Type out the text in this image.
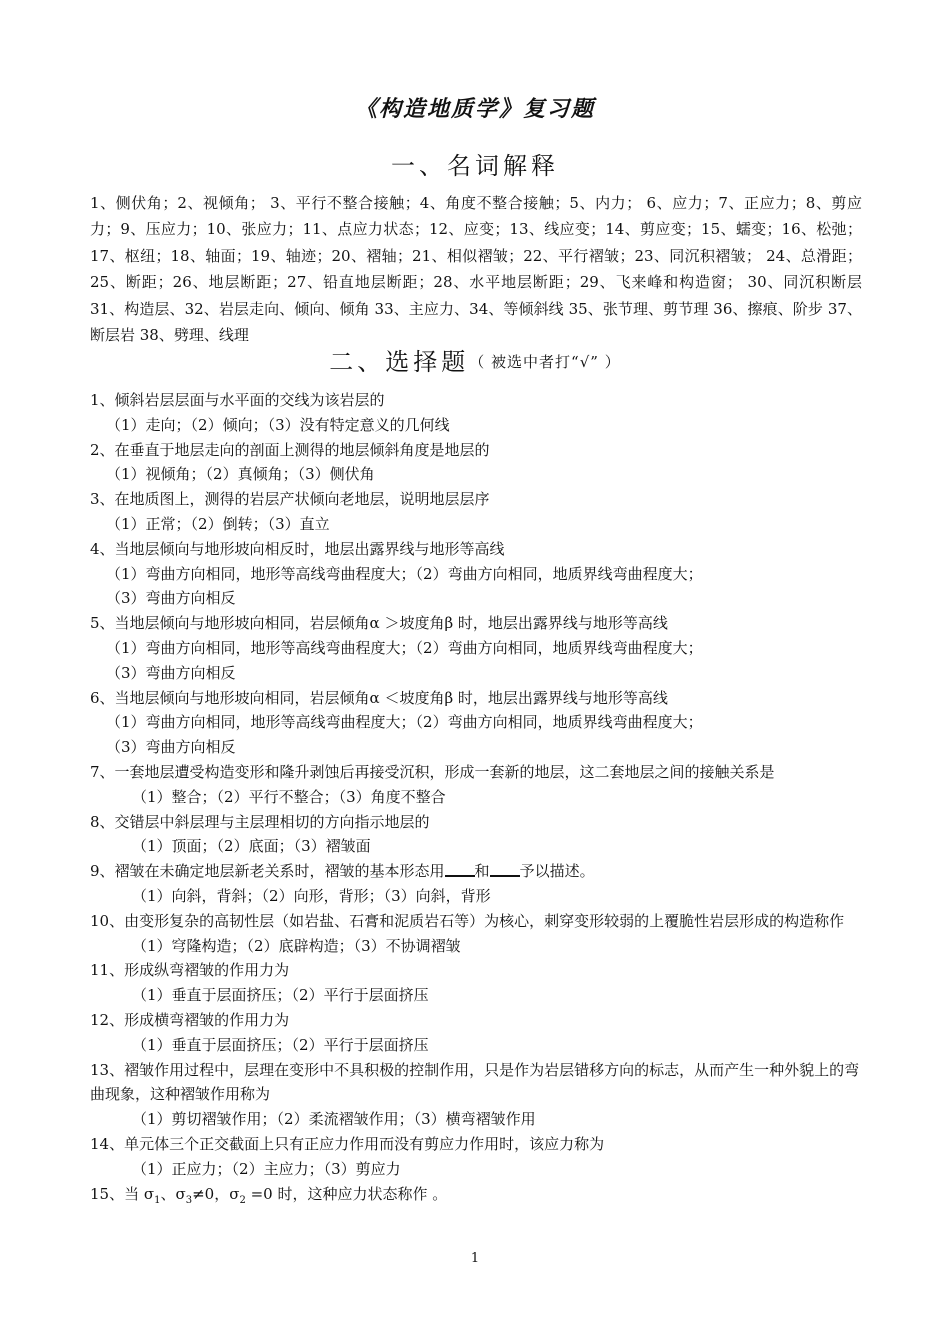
《构造地质学》复习题
一、名词解释
1、侧伏角；2、视倾角； 3、平行不整合接触；4、角度不整合接触；5、内力； 6、应力；7、正应力；8、剪应力；9、压应力；10、张应力；11、点应力状态；12、应变；13、线应变；14、剪应变；15、蠕变；16、松弛； 17、枢纽；18、轴面；19、轴迹；20、褶轴；21、相似褶皱；22、平行褶皱；23、同沉积褶皱； 24、总滑距；25、断距；26、地层断距；27、铅直地层断距；28、水平地层断距；29、飞来峰和构造窗； 30、同沉积断层 31、构造层、32、岩层走向、倾向、倾角 33、主应力、34、等倾斜线 35、张节理、剪节理 36、擦痕、阶步 37、断层岩 38、劈理、线理
二、选择题（ 被选中者打“√” ）

1、倾斜岩层层面与水平面的交线为该岩层的

（1）走向；（2）倾向；（3）没有特定意义的几何线

2、在垂直于地层走向的剖面上测得的地层倾斜角度是地层的

（1）视倾角；（2）真倾角；（3）侧伏角

3、在地质图上，测得的岩层产状倾向老地层，说明地层层序

（1）正常；（2）倒转；（3）直立

4、当地层倾向与地形坡向相反时，地层出露界线与地形等高线

（1）弯曲方向相同，地形等高线弯曲程度大；（2）弯曲方向相同，地质界线弯曲程度大；

（3）弯曲方向相反

5、当地层倾向与地形坡向相同，岩层倾角α ＞坡度角β 时，地层出露界线与地形等高线

（1）弯曲方向相同，地形等高线弯曲程度大；（2）弯曲方向相同，地质界线弯曲程度大；

（3）弯曲方向相反

6、当地层倾向与地形坡向相同，岩层倾角α ＜坡度角β 时，地层出露界线与地形等高线

（1）弯曲方向相同，地形等高线弯曲程度大；（2）弯曲方向相同，地质界线弯曲程度大；

（3）弯曲方向相反

7、一套地层遭受构造变形和隆升剥蚀后再接受沉积，形成一套新的地层，这二套地层之间的接触关系是

（1）整合；（2）平行不整合；（3）角度不整合

8、交错层中斜层理与主层理相切的方向指示地层的

（1）顶面；（2）底面；（3）褶皱面

9、褶皱在未确定地层新老关系时，褶皱的基本形态用 和 予以描述。

（1）向斜，背斜；（2）向形，背形；（3）向斜，背形

10、由变形复杂的高韧性层（如岩盐、石膏和泥质岩石等）为核心，刺穿变形较弱的上覆脆性岩层形成的构造称作

（1）穹隆构造；（2）底辟构造；（3）不协调褶皱

11、形成纵弯褶皱的作用力为

（1）垂直于层面挤压；（2）平行于层面挤压

12、形成横弯褶皱的作用力为

（1）垂直于层面挤压；（2）平行于层面挤压

13、褶皱作用过程中，层理在变形中不具积极的控制作用，只是作为岩层错移方向的标志，从而产生一种外貌上的弯曲现象，这种褶皱作用称为

（1）剪切褶皱作用；（2）柔流褶皱作用；（3）横弯褶皱作用

14、单元体三个正交截面上只有正应力作用而没有剪应力作用时，该应力称为

（1）正应力；（2）主应力；（3）剪应力

15、当 $\sigma_1$、$\sigma_3\ne 0$，$\sigma_2 =0$ 时，这种应力状态称作 。

1
